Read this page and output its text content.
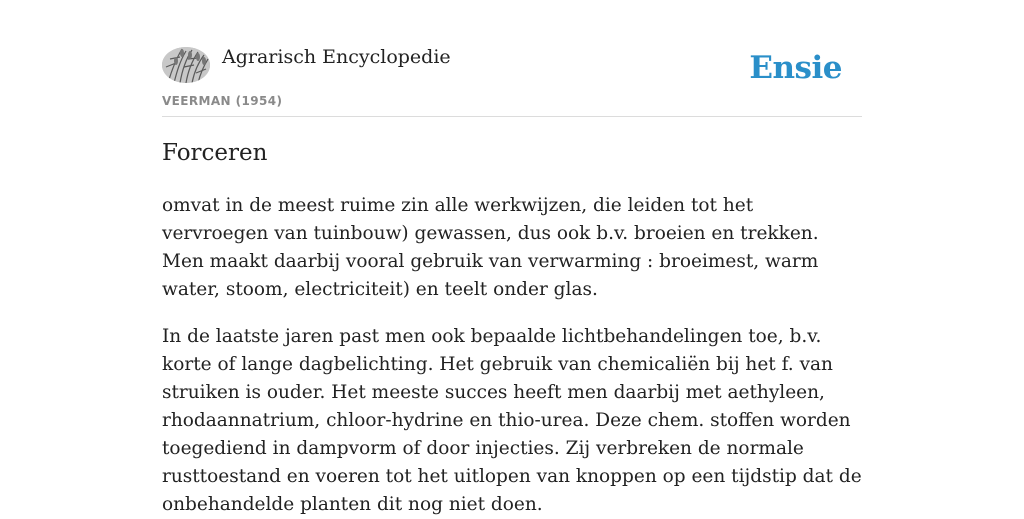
Agrarisch Encyclopedie
VEERMAN (1954)
Ensie
Forceren

omvat in de meest ruime zin alle werkwijzen, die leiden tot het vervroegen van tuinbouw) gewassen, dus ook b.v. broeien en trekken. Men maakt daarbij vooral gebruik van verwarming : broeimest, warm water, stoom, electriciteit) en teelt onder glas.

In de laatste jaren past men ook bepaalde lichtbehandelingen toe, b.v. korte of lange dagbelichting. Het gebruik van chemicaliën bij het f. van struiken is ouder. Het meeste succes heeft men daarbij met aethyleen, rhodaannatrium, chloor-hydrine en thio-urea. Deze chem. stoffen worden toegediend in dampvorm of door injecties. Zij verbreken de normale rusttoestand en voeren tot het uitlopen van knoppen op een tijdstip dat de onbehandelde planten dit nog niet doen.
